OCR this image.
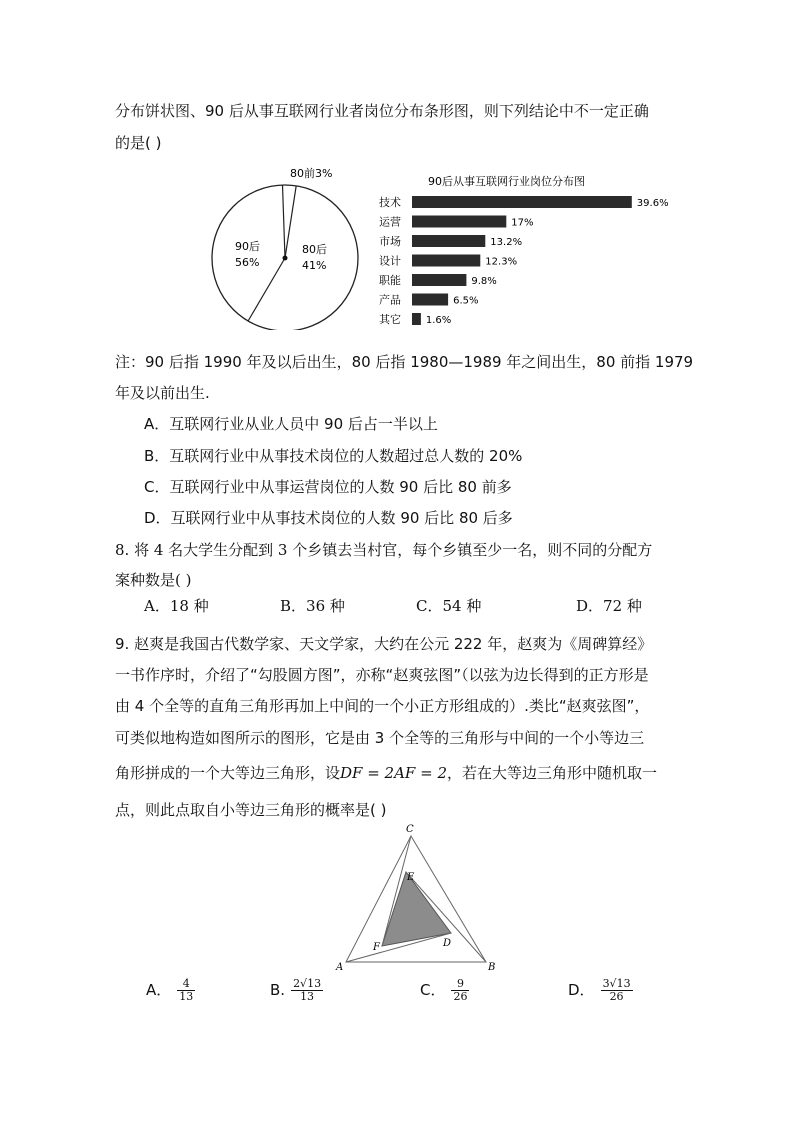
分布饼状图、90 后从事互联网行业者岗位分布条形图，则下列结论中不一定正确
的是( )
80前3%
90后
56%
80后
41%
90后从事互联网行业岗位分布图
技术	39.6%
运营	17%
市场	13.2%
设计	12.3%
职能	9.8%
产品	6.5%
其它 1.6%
注：90 后指 1990 年及以后出生，80 后指 1980—1989 年之间出生，80 前指 1979
年及以前出生.
A．互联网行业从业人员中 90 后占一半以上
B．互联网行业中从事技术岗位的人数超过总人数的 20%
C．互联网行业中从事运营岗位的人数 90 后比 80 前多
D．互联网行业中从事技术岗位的人数 90 后比 80 后多
8. 将 4 名大学生分配到 3 个乡镇去当村官，每个乡镇至少一名，则不同的分配方
案种数是( )
A．18 种	B．36 种	C．54 种	D．72 种
9. 赵爽是我国古代数学家、天文学家，大约在公元 222 年，赵爽为《周碑算经》
一书作序时，介绍了“勾股圆方图”，亦称“赵爽弦图”（以弦为边长得到的正方形是
由 4 个全等的直角三角形再加上中间的一个小正方形组成的）.类比“赵爽弦图”，
可类似地构造如图所示的图形，它是由 3 个全等的三角形与中间的一个小等边三
角形拼成的一个大等边三角形，设DF = 2AF = 2，若在大等边三角形中随机取一
点，则此点取自小等边三角形的概率是( )
C
A	B
E
D
F
A． $\frac{4}{13}$	B. $\frac{2√13}{13}$	C． $\frac{9}{26}$	D． $\frac{3√13}{26}$
